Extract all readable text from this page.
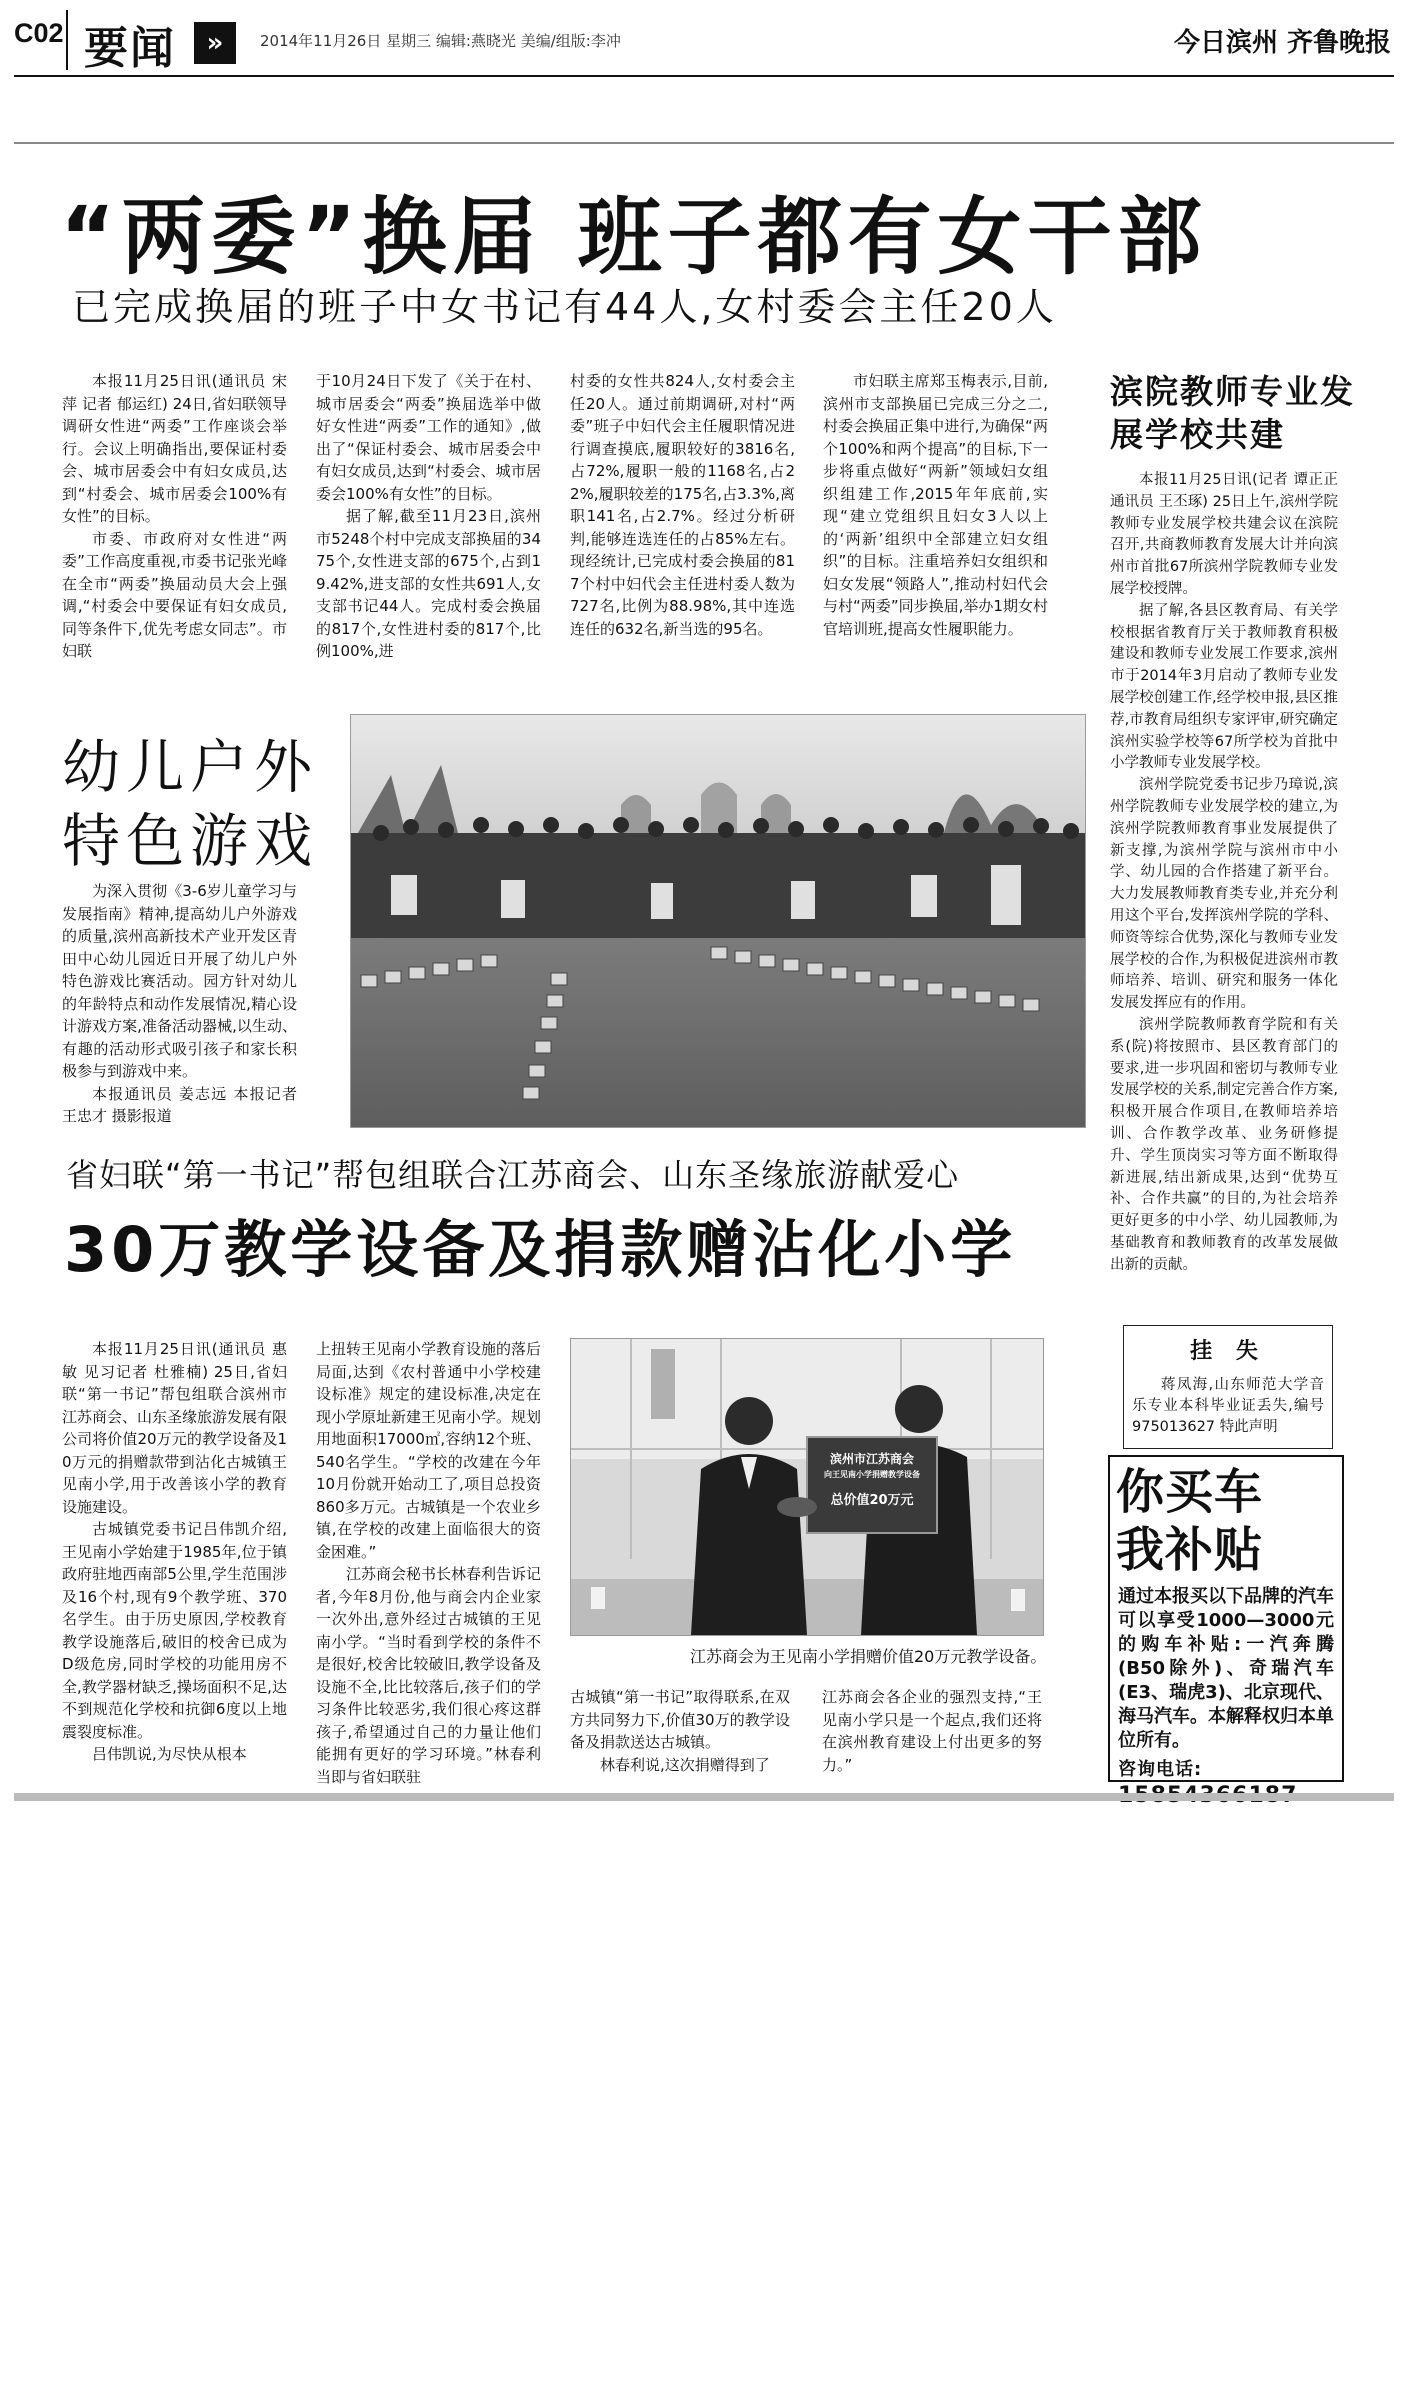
C02 要闻	»	2014年11月26日 星期三 编辑:燕晓光 美编/组版:李冲	今日滨州 齐鲁晚报
“两委”换届 班子都有女干部
已完成换届的班子中女书记有44人,女村委会主任20人

本报11月25日讯(通讯员 宋萍 记者 郁运红) 24日,省妇联领导调研女性进“两委”工作座谈会举行。会议上明确指出,要保证村委会、城市居委会中有妇女成员,达到“村委会、城市居委会100%有女性”的目标。

市委、市政府对女性进“两委”工作高度重视,市委书记张光峰在全市“两委”换届动员大会上强调,“村委会中要保证有妇女成员,同等条件下,优先考虑女同志”。市妇联

于10月24日下发了《关于在村、城市居委会“两委”换届选举中做好女性进“两委”工作的通知》,做出了“保证村委会、城市居委会中有妇女成员,达到“村委会、城市居委会100%有女性”的目标。

据了解,截至11月23日,滨州市5248个村中完成支部换届的3475个,女性进支部的675个,占到19.42%,进支部的女性共691人,女支部书记44人。完成村委会换届的817个,女性进村委的817个,比例100%,进

村委的女性共824人,女村委会主任20人。通过前期调研,对村“两委”班子中妇代会主任履职情况进行调查摸底,履职较好的3816名,占72%,履职一般的1168名,占22%,履职较差的175名,占3.3%,离职141名,占2.7%。经过分析研判,能够连选连任的占85%左右。现经统计,已完成村委会换届的817个村中妇代会主任进村委人数为727名,比例为88.98%,其中连选连任的632名,新当选的95名。

市妇联主席郑玉梅表示,目前,滨州市支部换届已完成三分之二,村委会换届正集中进行,为确保“两个100%和两个提高”的目标,下一步将重点做好“两新”领域妇女组织组建工作,2015年年底前,实现“建立党组织且妇女3人以上的‘两新’组织中全部建立妇女组织”的目标。注重培养妇女组织和妇女发展“领路人”,推动村妇代会与村“两委”同步换届,举办1期女村官培训班,提高女性履职能力。

滨院教师专业发展学校共建

本报11月25日讯(记者 谭正正 通讯员 王丕琢) 25日上午,滨州学院教师专业发展学校共建会议在滨院召开,共商教师教育发展大计并向滨州市首批67所滨州学院教师专业发展学校授牌。

据了解,各县区教育局、有关学校根据省教育厅关于教师教育积极建设和教师专业发展工作要求,滨州市于2014年3月启动了教师专业发展学校创建工作,经学校申报,县区推荐,市教育局组织专家评审,研究确定滨州实验学校等67所学校为首批中小学教师专业发展学校。

滨州学院党委书记步乃璋说,滨州学院教师专业发展学校的建立,为滨州学院教师教育事业发展提供了新支撑,为滨州学院与滨州市中小学、幼儿园的合作搭建了新平台。大力发展教师教育类专业,并充分利用这个平台,发挥滨州学院的学科、师资等综合优势,深化与教师专业发展学校的合作,为积极促进滨州市教师培养、培训、研究和服务一体化发展发挥应有的作用。

滨州学院教师教育学院和有关系(院)将按照市、县区教育部门的要求,进一步巩固和密切与教师专业发展学校的关系,制定完善合作方案,积极开展合作项目,在教师培养培训、合作教学改革、业务研修提升、学生顶岗实习等方面不断取得新进展,结出新成果,达到“优势互补、合作共赢”的目的,为社会培养更好更多的中小学、幼儿园教师,为基础教育和教师教育的改革发展做出新的贡献。

幼儿户外
特色游戏

为深入贯彻《3-6岁儿童学习与发展指南》精神,提高幼儿户外游戏的质量,滨州高新技术产业开发区青田中心幼儿园近日开展了幼儿户外特色游戏比赛活动。园方针对幼儿的年龄特点和动作发展情况,精心设计游戏方案,准备活动器械,以生动、有趣的活动形式吸引孩子和家长积极参与到游戏中来。

本报通讯员 姜志远 本报记者 王忠才 摄影报道

省妇联“第一书记”帮包组联合江苏商会、山东圣缘旅游献爱心
30万教学设备及捐款赠沾化小学

本报11月25日讯(通讯员 惠敏 见习记者 杜雅楠) 25日,省妇联“第一书记”帮包组联合滨州市江苏商会、山东圣缘旅游发展有限公司将价值20万元的教学设备及10万元的捐赠款带到沾化古城镇王见南小学,用于改善该小学的教育设施建设。

古城镇党委书记吕伟凯介绍,王见南小学始建于1985年,位于镇政府驻地西南部5公里,学生范围涉及16个村,现有9个教学班、370名学生。由于历史原因,学校教育教学设施落后,破旧的校舍已成为D级危房,同时学校的功能用房不全,教学器材缺乏,操场面积不足,达不到规范化学校和抗御6度以上地震裂度标准。

吕伟凯说,为尽快从根本

上扭转王见南小学教育设施的落后局面,达到《农村普通中小学校建设标准》规定的建设标准,决定在现小学原址新建王见南小学。规划用地面积17000㎡,容纳12个班、540名学生。“学校的改建在今年10月份就开始动工了,项目总投资860多万元。古城镇是一个农业乡镇,在学校的改建上面临很大的资金困难。”

江苏商会秘书长林春利告诉记者,今年8月份,他与商会内企业家一次外出,意外经过古城镇的王见南小学。“当时看到学校的条件不是很好,校舍比较破旧,教学设备及设施不全,比比较落后,孩子们的学习条件比较恶劣,我们很心疼这群孩子,希望通过自己的力量让他们能拥有更好的学习环境。”林春利当即与省妇联驻

滨州市江苏商会
向王见南小学捐赠教学设备
总价值20万元
江苏商会为王见南小学捐赠价值20万元教学设备。

古城镇“第一书记”取得联系,在双方共同努力下,价值30万的教学设备及捐款送达古城镇。

林春利说,这次捐赠得到了

江苏商会各企业的强烈支持,“王见南小学只是一个起点,我们还将在滨州教育建设上付出更多的努力。”

挂 失
蒋凤海,山东师范大学音乐专业本科毕业证丢失,编号975013627 特此声明
你买车
我补贴
通过本报买以下品牌的汽车可以享受1000—3000元的购车补贴:一汽奔腾(B50除外)、奇瑞汽车(E3、瑞虎3)、北京现代、海马汽车。本解释权归本单位所有。
咨询电话:
